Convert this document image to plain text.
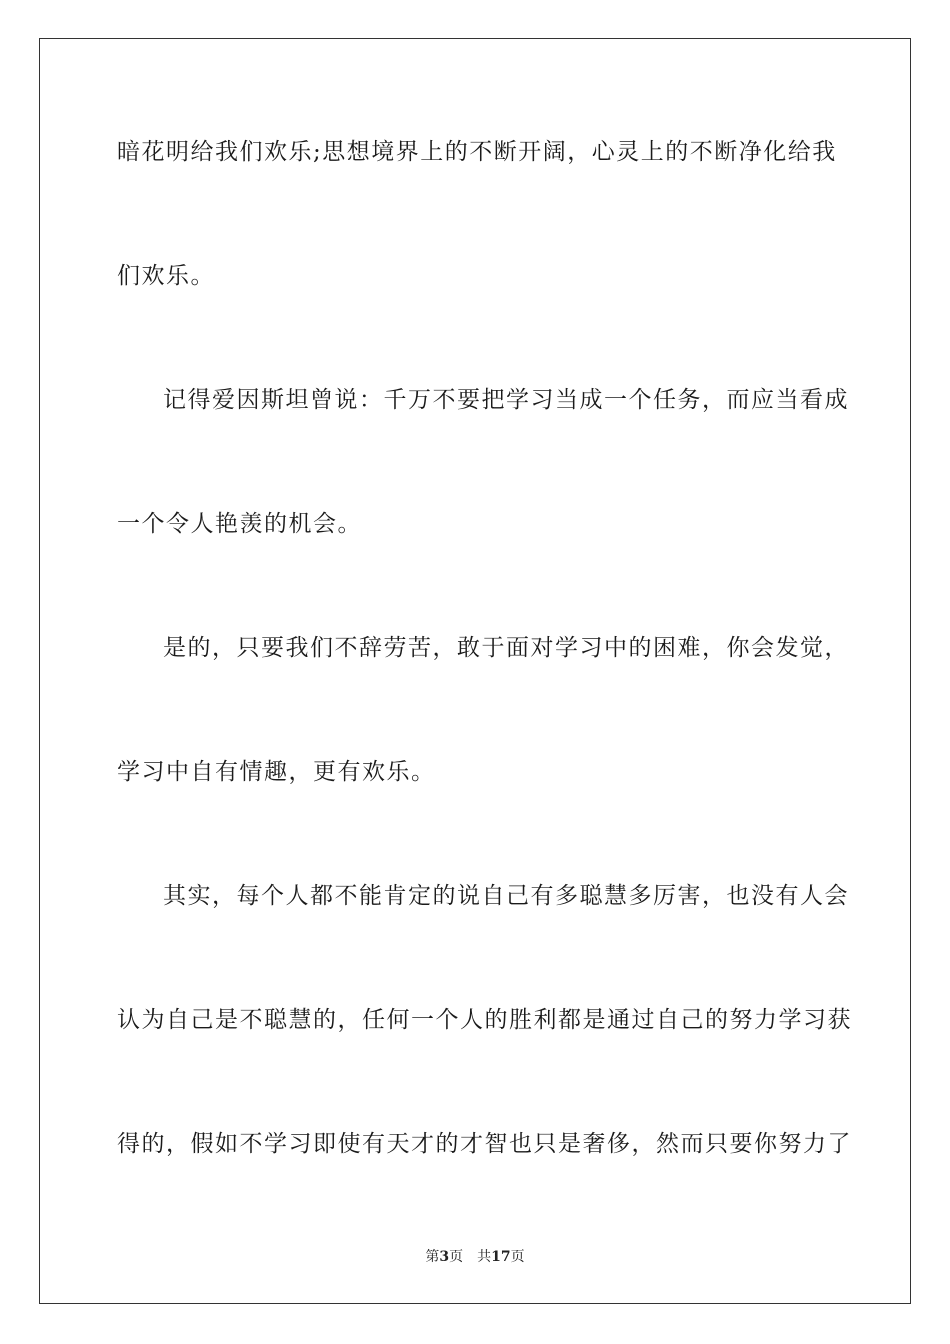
暗花明给我们欢乐;思想境界上的不断开阔，心灵上的不断净化给我
们欢乐。
记得爱因斯坦曾说：千万不要把学习当成一个任务，而应当看成
一个令人艳羡的机会。
是的，只要我们不辞劳苦，敢于面对学习中的困难，你会发觉，
学习中自有情趣，更有欢乐。
其实，每个人都不能肯定的说自己有多聪慧多厉害，也没有人会
认为自己是不聪慧的，任何一个人的胜利都是通过自己的努力学习获
得的，假如不学习即使有天才的才智也只是奢侈，然而只要你努力了
第3页 共17页
